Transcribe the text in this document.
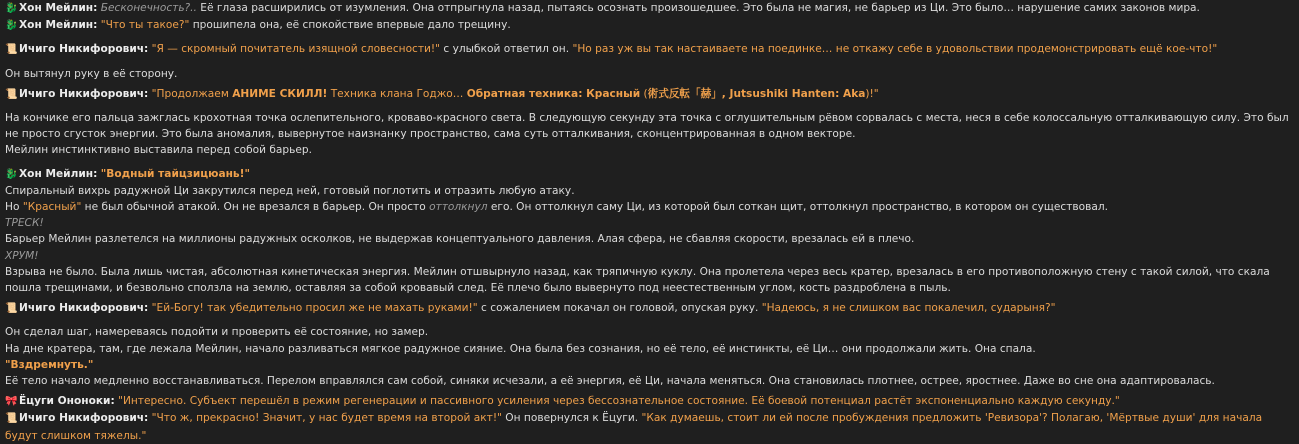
🐉 Хон Мейлин: Бесконечность?.. Её глаза расширились от изумления. Она отпрыгнула назад, пытаясь осознать произошедшее. Это была не магия, не барьер из Ци. Это было… нарушение самих законов мира.

🐉 Хон Мейлин: "Что ты такое?" прошипела она, её спокойствие впервые дало трещину.

📜 Ичиго Никифорович: "Я — скромный почитатель изящной словесности!" с улыбкой ответил он. "Но раз уж вы так настаиваете на поединке… не откажу себе в удовольствии продемонстрировать ещё кое-что!"

Он вытянул руку в её сторону.

📜 Ичиго Никифорович: "Продолжаем АНИМЕ СКИЛЛ! Техника клана Годжо… Обратная техника: Красный (術式反転「赫」, Jutsushiki Hanten: Aka)!"

На кончике его пальца зажглась крохотная точка ослепительного, кроваво-красного света. В следующую секунду эта точка с оглушительным рёвом сорвалась с места, неся в себе колоссальную отталкивающую силу. Это был не просто сгусток энергии. Это была аномалия, вывернутое наизнанку пространство, сама суть отталкивания, сконцентрированная в одном векторе.

Мейлин инстинктивно выставила перед собой барьер.

🐉 Хон Мейлин: "Водный тайцзицюань!"

Спиральный вихрь радужной Ци закрутился перед ней, готовый поглотить и отразить любую атаку.

Но "Красный" не был обычной атакой. Он не врезался в барьер. Он просто оттолкнул его. Он оттолкнул саму Ци, из которой был соткан щит, оттолкнул пространство, в котором он существовал.

ТРЕСК!

Барьер Мейлин разлетелся на миллионы радужных осколков, не выдержав концептуального давления. Алая сфера, не сбавляя скорости, врезалась ей в плечо.

ХРУМ!

Взрыва не было. Была лишь чистая, абсолютная кинетическая энергия. Мейлин отшвырнуло назад, как тряпичную куклу. Она пролетела через весь кратер, врезалась в его противоположную стену с такой силой, что скала пошла трещинами, и безвольно сползла на землю, оставляя за собой кровавый след. Её плечо было вывернуто под неестественным углом, кость раздроблена в пыль.

📜 Ичиго Никифорович: "Ей-Богу! так убедительно просил же не махать руками!" с сожалением покачал он головой, опуская руку. "Надеюсь, я не слишком вас покалечил, сударыня?"

Он сделал шаг, намереваясь подойти и проверить её состояние, но замер.

На дне кратера, там, где лежала Мейлин, начало разливаться мягкое радужное сияние. Она была без сознания, но её тело, её инстинкты, её Ци… они продолжали жить. Она спала.

"Вздремнуть."

Её тело начало медленно восстанавливаться. Перелом вправлялся сам собой, синяки исчезали, а её энергия, её Ци, начала меняться. Она становилась плотнее, острее, яростнее. Даже во сне она адаптировалась.

🎀 Ёцуги Ононоки: "Интересно. Субъект перешёл в режим регенерации и пассивного усиления через бессознательное состояние. Её боевой потенциал растёт экспоненциально каждую секунду."

📜 Ичиго Никифорович: "Что ж, прекрасно! Значит, у нас будет время на второй акт!" Он повернулся к Ёцуги. "Как думаешь, стоит ли ей после пробуждения предложить 'Ревизора'? Полагаю, 'Мёртвые души' для начала будут слишком тяжелы."
